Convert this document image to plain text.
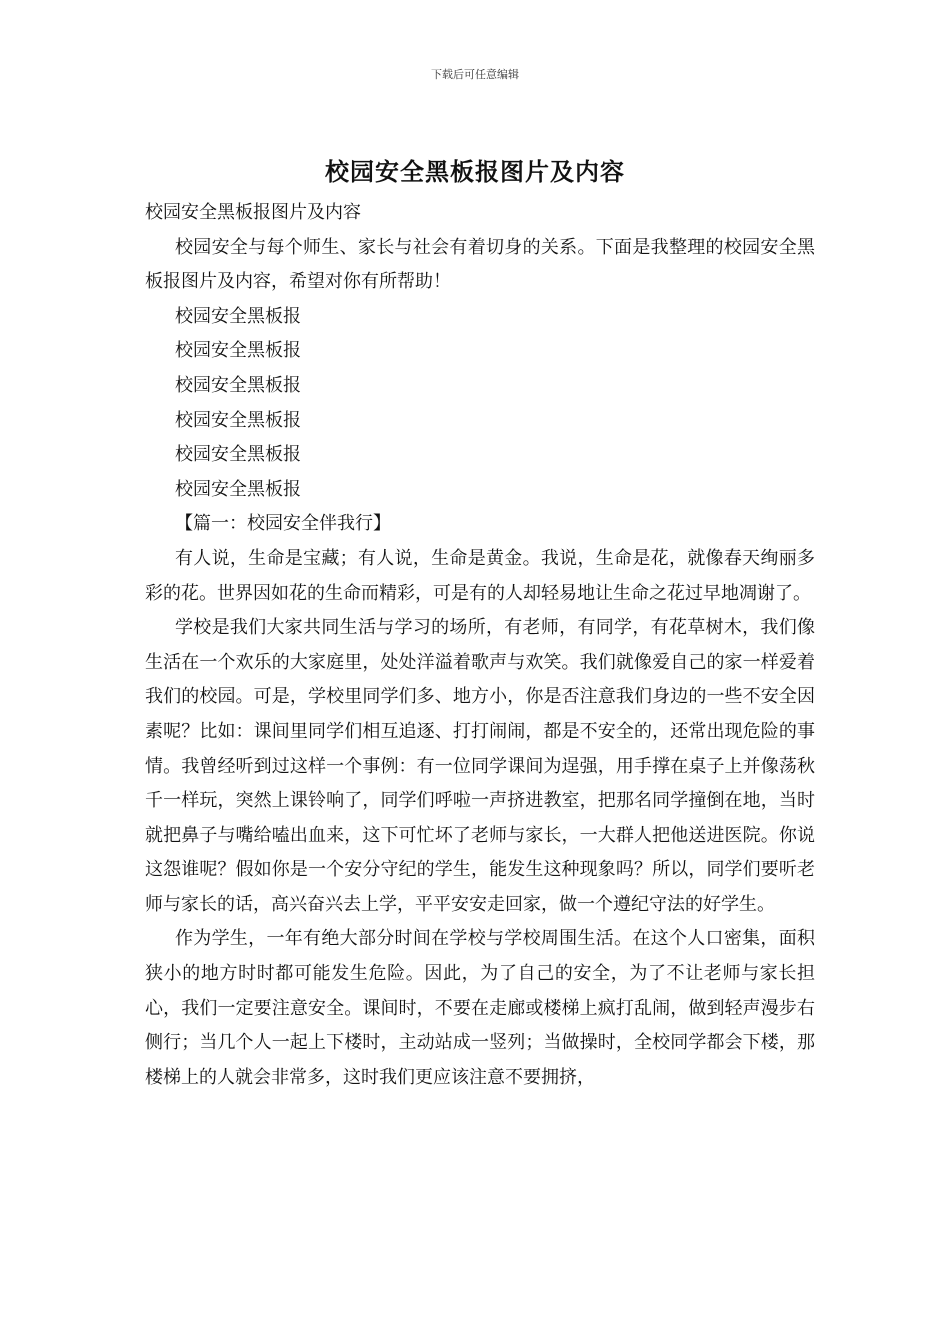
下载后可任意编辑
校园安全黑板报图片及内容

校园安全黑板报图片及内容

校园安全与每个师生、家长与社会有着切身的关系。下面是我整理的校园安全黑板报图片及内容，希望对你有所帮助！

校园安全黑板报

校园安全黑板报

校园安全黑板报

校园安全黑板报

校园安全黑板报

校园安全黑板报

【篇一：校园安全伴我行】

有人说，生命是宝藏；有人说，生命是黄金。我说，生命是花，就像春天绚丽多彩的花。世界因如花的生命而精彩，可是有的人却轻易地让生命之花过早地凋谢了。

学校是我们大家共同生活与学习的场所，有老师，有同学，有花草树木，我们像生活在一个欢乐的大家庭里，处处洋溢着歌声与欢笑。我们就像爱自己的家一样爱着我们的校园。可是，学校里同学们多、地方小，你是否注意我们身边的一些不安全因素呢？比如：课间里同学们相互追逐、打打闹闹，都是不安全的，还常出现危险的事情。我曾经听到过这样一个事例：有一位同学课间为逞强，用手撑在桌子上并像荡秋千一样玩，突然上课铃响了，同学们呼啦一声挤进教室，把那名同学撞倒在地，当时就把鼻子与嘴给嗑出血来，这下可忙坏了老师与家长，一大群人把他送进医院。你说这怨谁呢？假如你是一个安分守纪的学生，能发生这种现象吗？所以，同学们要听老师与家长的话，高兴奋兴去上学，平平安安走回家，做一个遵纪守法的好学生。

作为学生，一年有绝大部分时间在学校与学校周围生活。在这个人口密集，面积狭小的地方时时都可能发生危险。因此，为了自己的安全，为了不让老师与家长担心，我们一定要注意安全。课间时，不要在走廊或楼梯上疯打乱闹，做到轻声漫步右侧行；当几个人一起上下楼时，主动站成一竖列；当做操时，全校同学都会下楼，那楼梯上的人就会非常多，这时我们更应该注意不要拥挤，
